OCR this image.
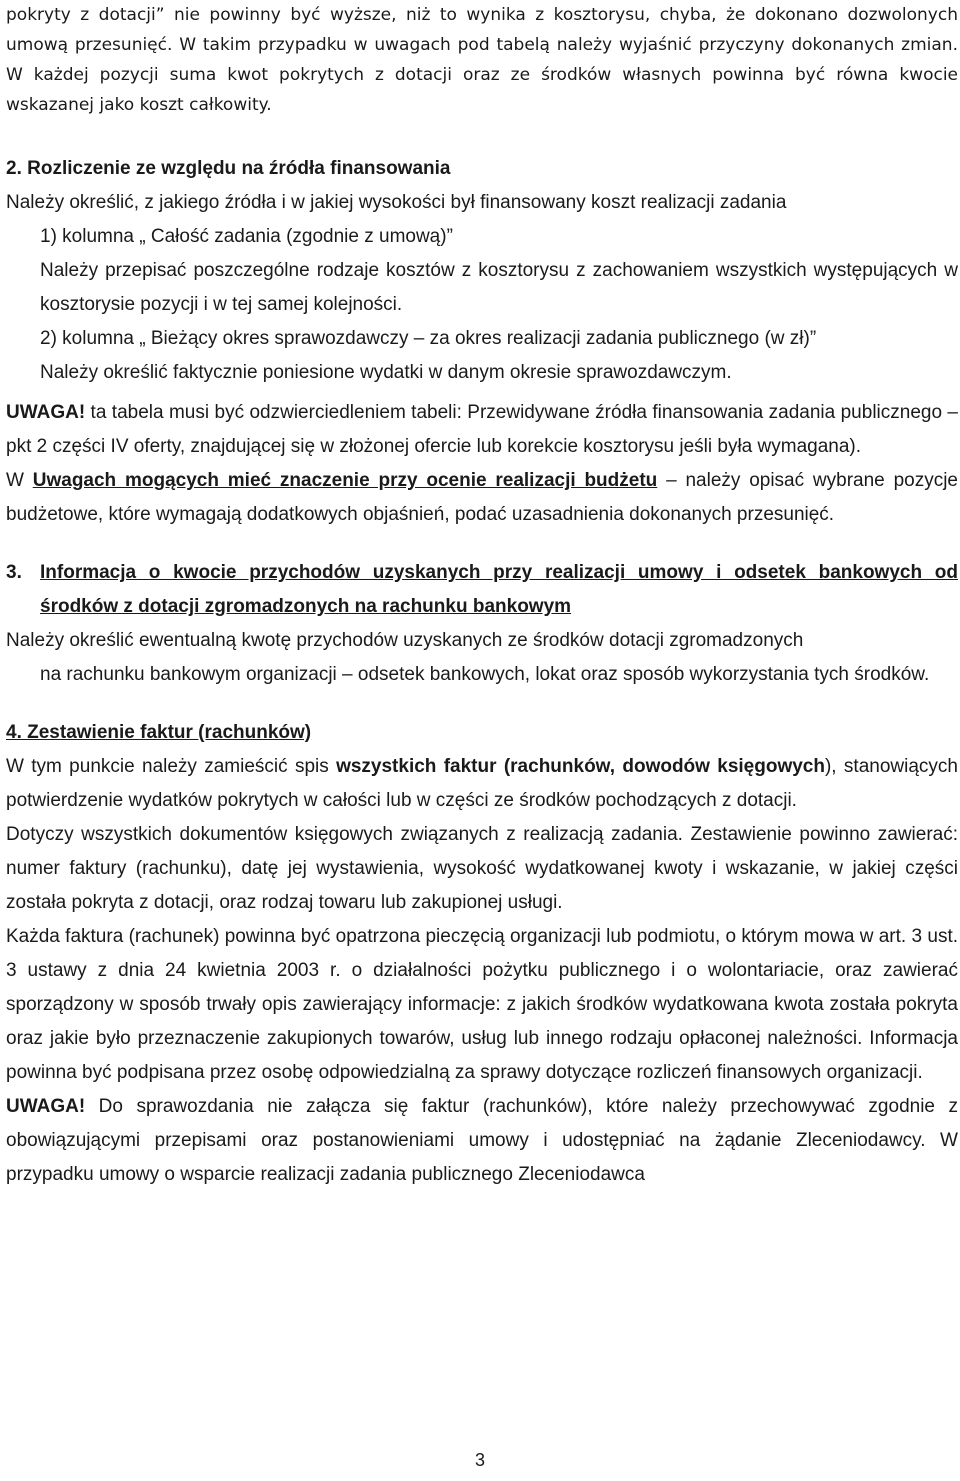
pokryty z dotacji” nie powinny być wyższe, niż to wynika z kosztorysu, chyba, że dokonano dozwolonych umową przesunięć. W takim przypadku w uwagach pod tabelą należy wyjaśnić przyczyny dokonanych zmian. W każdej pozycji suma kwot pokrytych z dotacji oraz ze środków własnych powinna być równa kwocie wskazanej jako koszt całkowity.

2. Rozliczenie ze względu na źródła finansowania

Należy określić, z jakiego źródła i w jakiej wysokości był finansowany koszt realizacji zadania

1) kolumna „ Całość zadania (zgodnie z umową)”

Należy przepisać poszczególne rodzaje kosztów z kosztorysu z zachowaniem wszystkich występujących w kosztorysie pozycji i w tej samej kolejności.

2) kolumna „ Bieżący okres sprawozdawczy – za okres realizacji zadania publicznego (w zł)”

Należy określić faktycznie poniesione wydatki w danym okresie sprawozdawczym.

UWAGA! ta tabela musi być odzwierciedleniem tabeli: Przewidywane źródła finansowania zadania publicznego – pkt 2 części IV oferty, znajdującej się w złożonej ofercie lub korekcie kosztorysu jeśli była wymagana).

W Uwagach mogących mieć znaczenie przy ocenie realizacji budżetu – należy opisać wybrane pozycje budżetowe, które wymagają dodatkowych objaśnień, podać uzasadnienia dokonanych przesunięć.

3. Informacja o kwocie przychodów uzyskanych przy realizacji umowy i odsetek bankowych od środków z dotacji zgromadzonych na rachunku bankowym

Należy określić ewentualną kwotę przychodów uzyskanych ze środków dotacji zgromadzonych

na rachunku bankowym organizacji – odsetek bankowych, lokat oraz sposób wykorzystania tych środków.

4. Zestawienie faktur (rachunków)

W tym punkcie należy zamieścić spis wszystkich faktur (rachunków, dowodów księgowych), stanowiących potwierdzenie wydatków pokrytych w całości lub w części ze środków pochodzących z dotacji.

Dotyczy wszystkich dokumentów księgowych związanych z realizacją zadania. Zestawienie powinno zawierać: numer faktury (rachunku), datę jej wystawienia, wysokość wydatkowanej kwoty i wskazanie, w jakiej części została pokryta z dotacji, oraz rodzaj towaru lub zakupionej usługi.

Każda faktura (rachunek) powinna być opatrzona pieczęcią organizacji lub podmiotu, o którym mowa w art. 3 ust. 3 ustawy z dnia 24 kwietnia 2003 r. o działalności pożytku publicznego i o wolontariacie, oraz zawierać sporządzony w sposób trwały opis zawierający informacje: z jakich środków wydatkowana kwota została pokryta oraz jakie było przeznaczenie zakupionych towarów, usług lub innego rodzaju opłaconej należności. Informacja powinna być podpisana przez osobę odpowiedzialną za sprawy dotyczące rozliczeń finansowych organizacji.

UWAGA! Do sprawozdania nie załącza się faktur (rachunków), które należy przechowywać zgodnie z obowiązującymi przepisami oraz postanowieniami umowy i udostępniać na żądanie Zleceniodawcy. W przypadku umowy o wsparcie realizacji zadania publicznego Zleceniodawca

3
